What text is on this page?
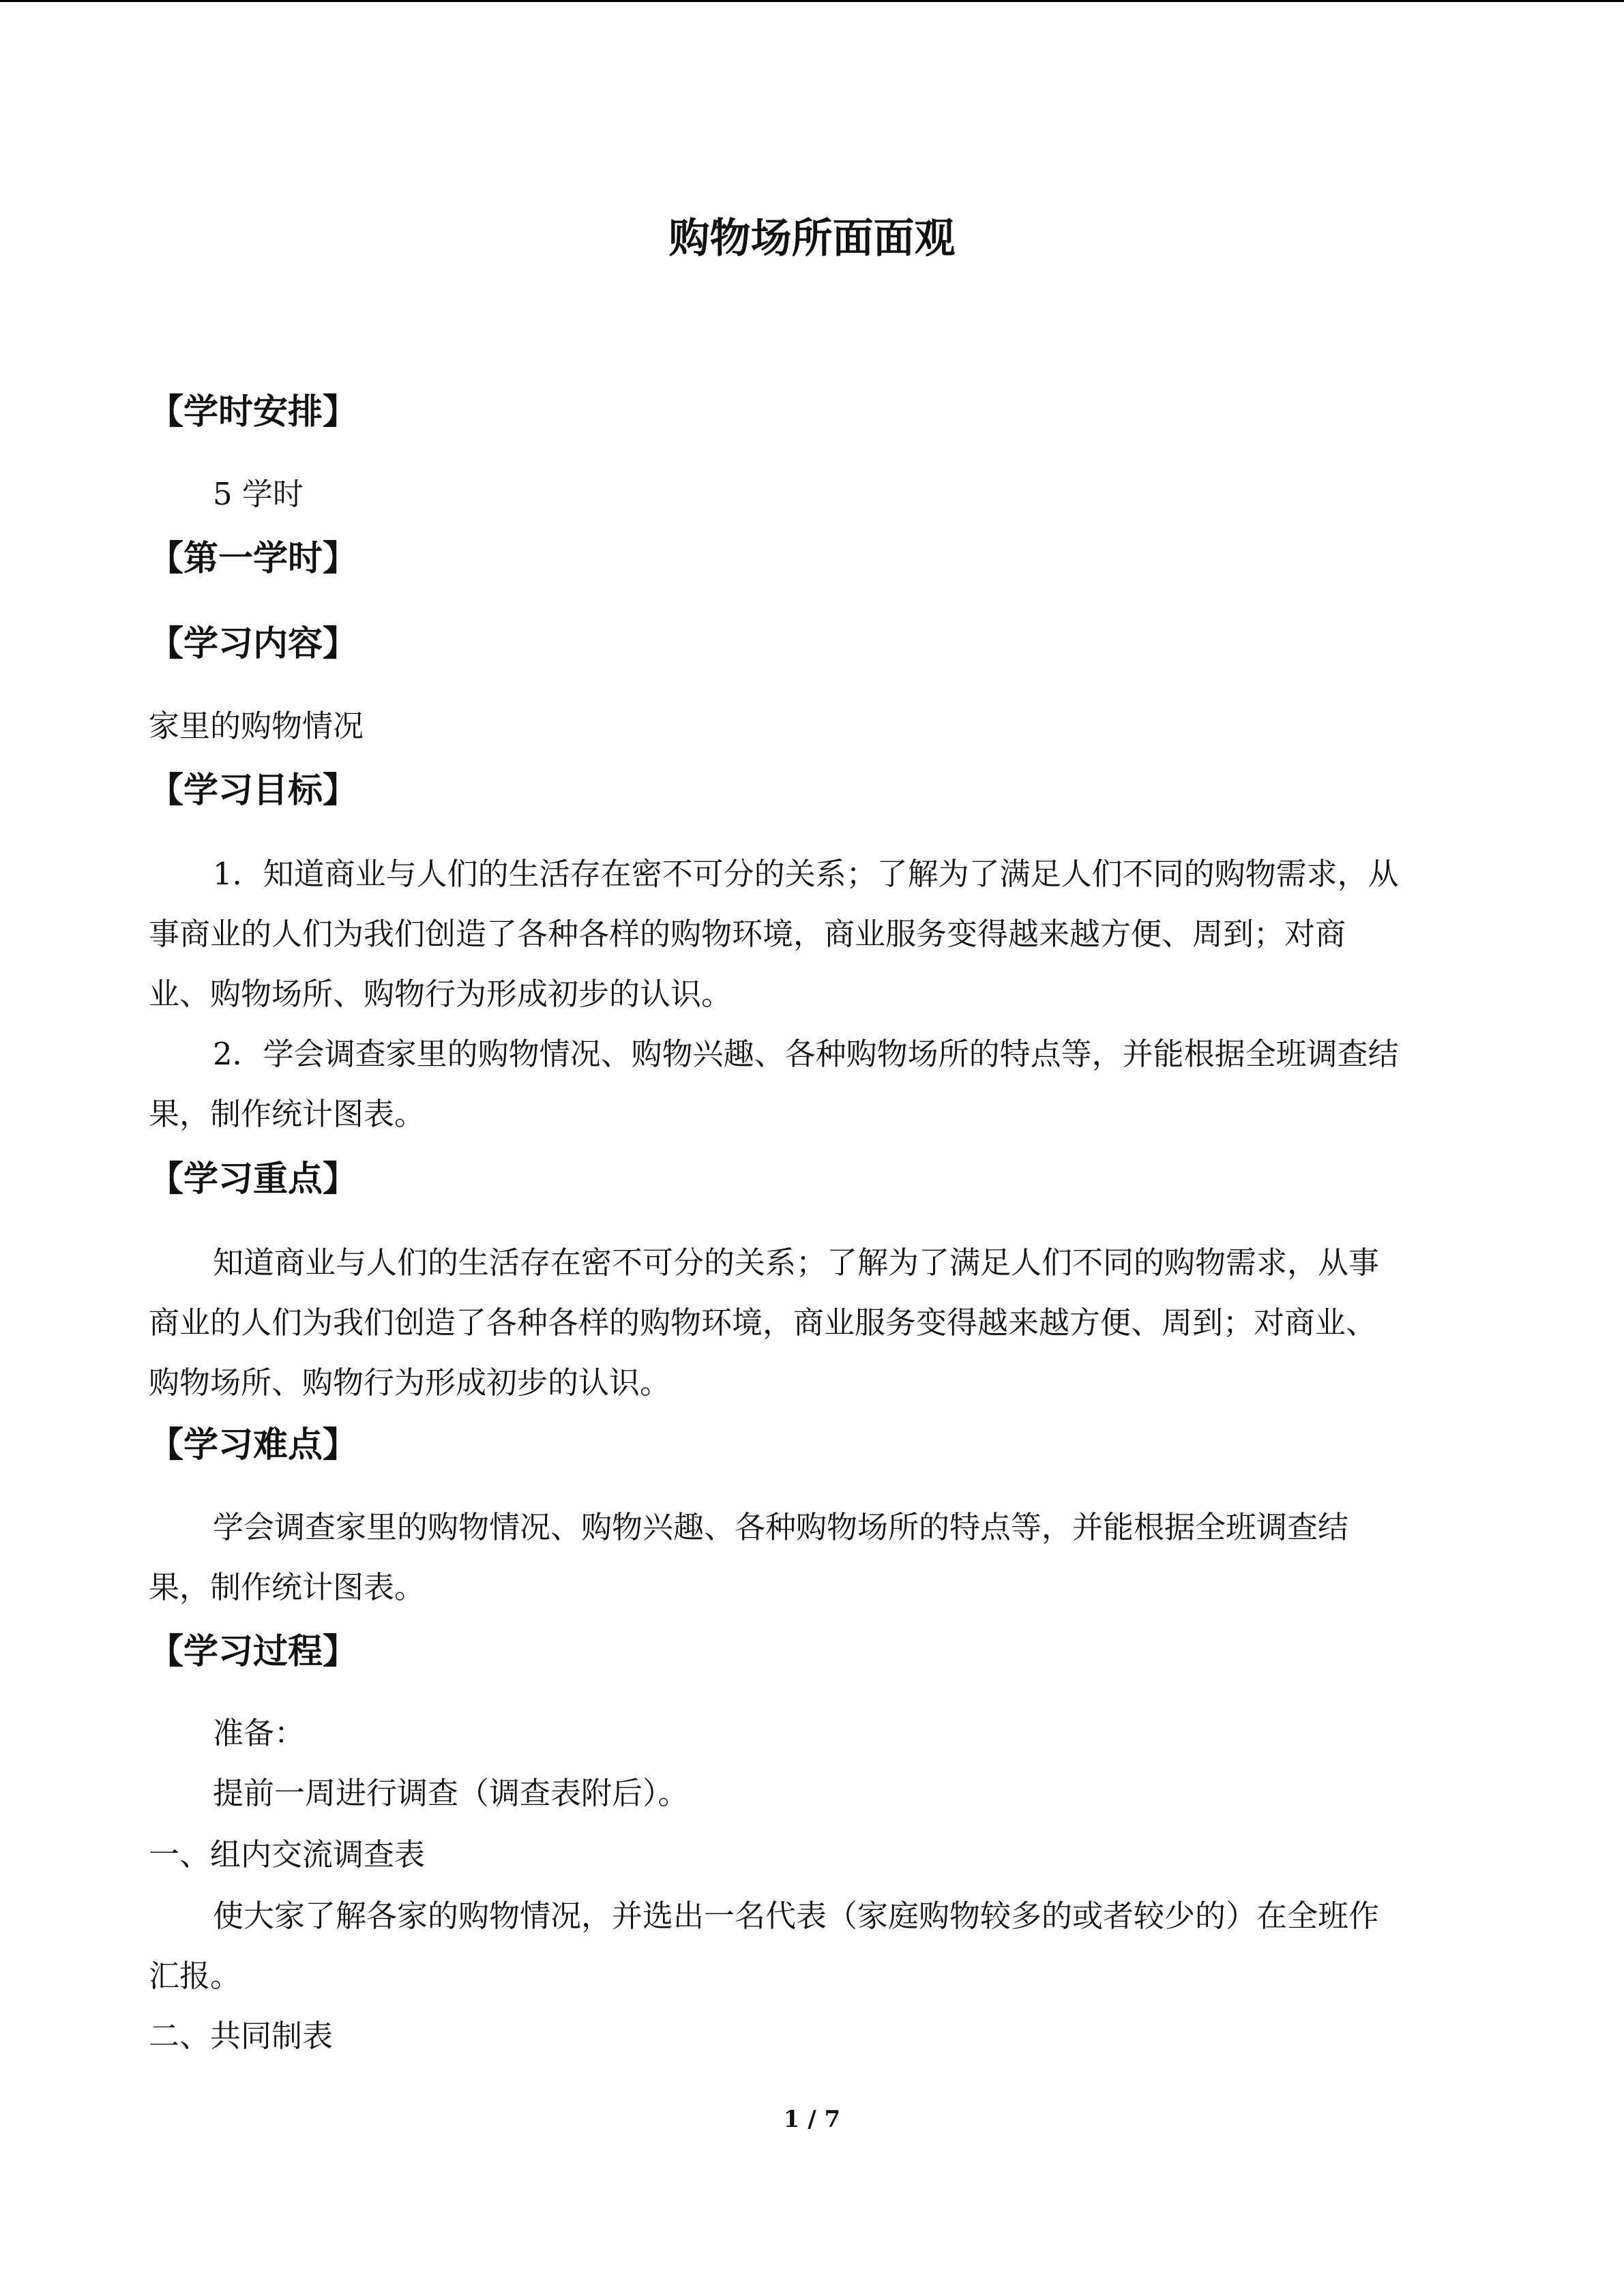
购物场所面面观
【学时安排】
5 学时
【第一学时】
【学习内容】
家里的购物情况
【学习目标】
1．知道商业与人们的生活存在密不可分的关系；了解为了满足人们不同的购物需求，从
事商业的人们为我们创造了各种各样的购物环境，商业服务变得越来越方便、周到；对商
业、购物场所、购物行为形成初步的认识。
2．学会调查家里的购物情况、购物兴趣、各种购物场所的特点等，并能根据全班调查结
果，制作统计图表。
【学习重点】
知道商业与人们的生活存在密不可分的关系；了解为了满足人们不同的购物需求，从事
商业的人们为我们创造了各种各样的购物环境，商业服务变得越来越方便、周到；对商业、
购物场所、购物行为形成初步的认识。
【学习难点】
学会调查家里的购物情况、购物兴趣、各种购物场所的特点等，并能根据全班调查结
果，制作统计图表。
【学习过程】
准备：
提前一周进行调查（调查表附后）。
一、组内交流调查表
使大家了解各家的购物情况，并选出一名代表（家庭购物较多的或者较少的）在全班作
汇报。
二、共同制表
1 / 7
